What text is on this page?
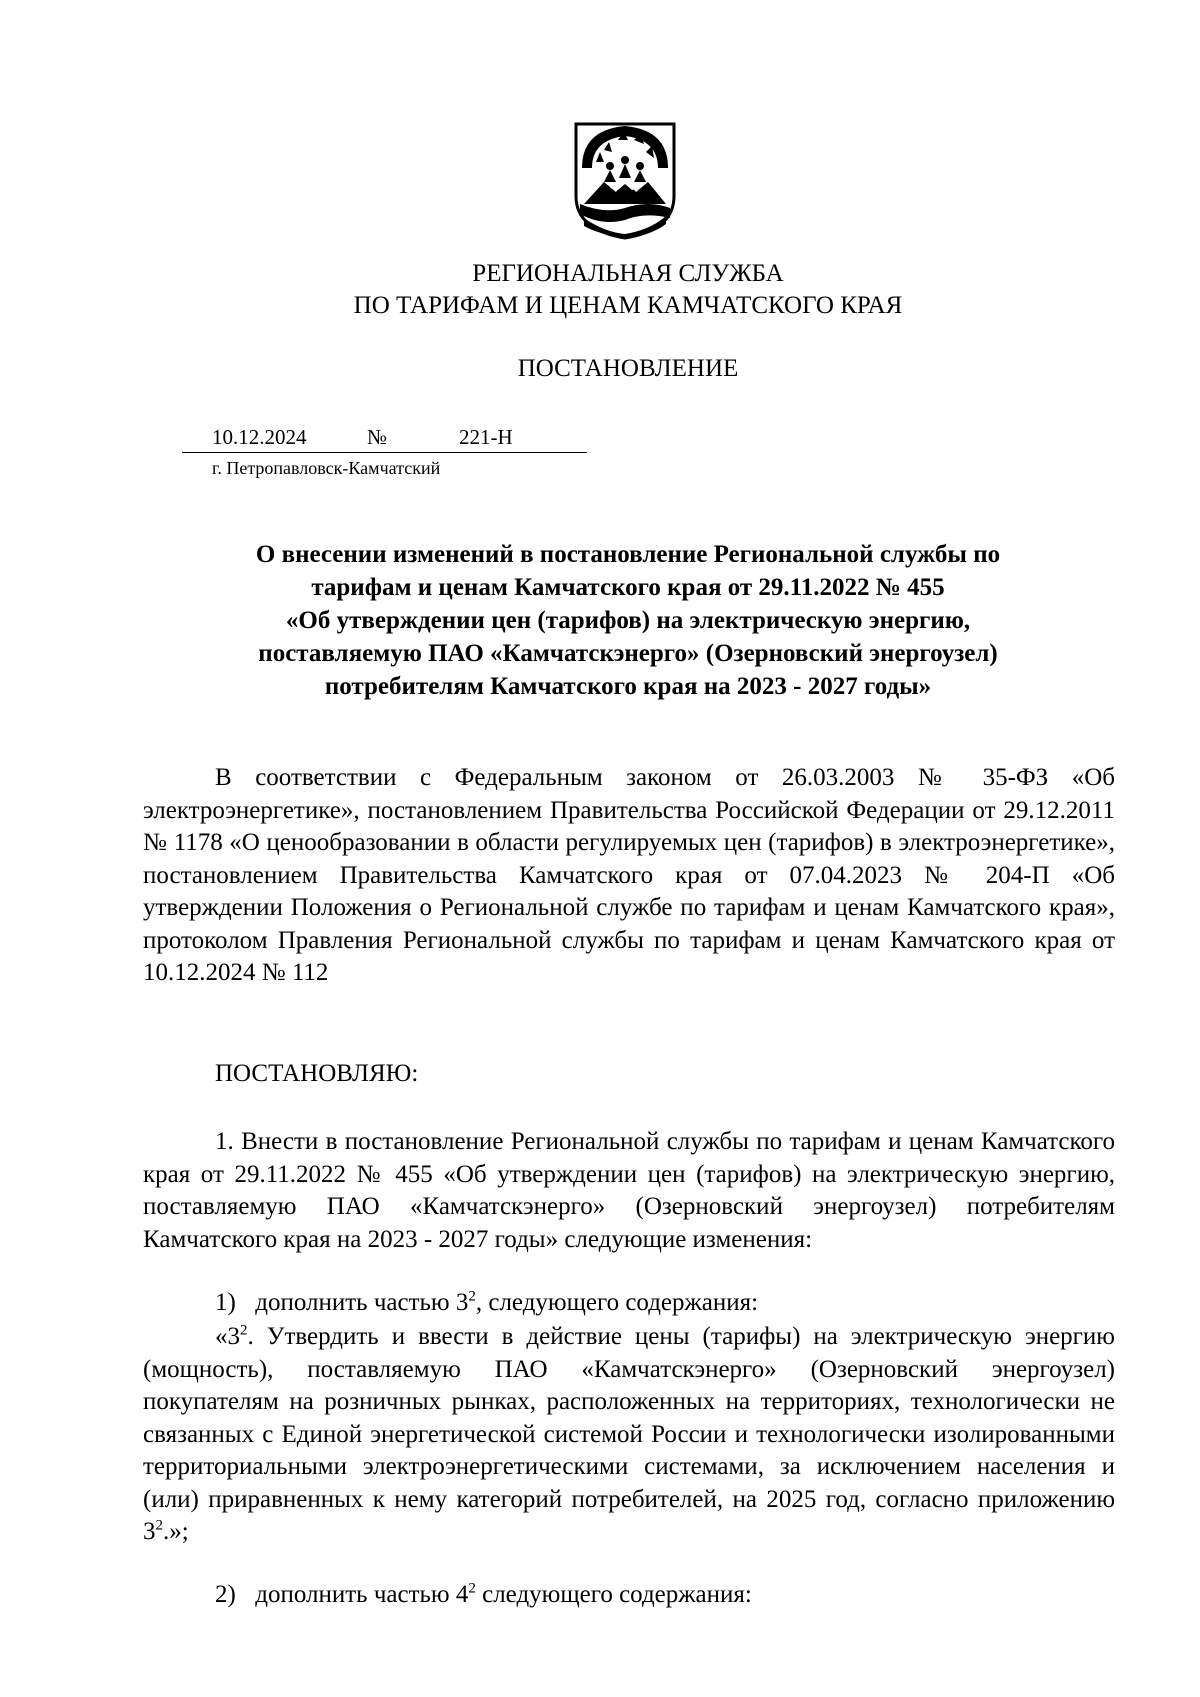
РЕГИОНАЛЬНАЯ СЛУЖБА
ПО ТАРИФАМ И ЦЕНАМ КАМЧАТСКОГО КРАЯ
ПОСТАНОВЛЕНИЕ
10.12.2024	№	221-Н
г. Петропавловск-Камчатский
О внесении изменений в постановление Региональной службы по
тарифам и ценам Камчатского края от 29.11.2022 № 455
«Об утверждении цен (тарифов) на электрическую энергию,
поставляемую ПАО «Камчатскэнерго» (Озерновский энергоузел)
потребителям Камчатского края на 2023 - 2027 годы»

В соответствии с Федеральным законом от 26.03.2003 № 35-ФЗ «Об электроэнергетике», постановлением Правительства Российской Федерации от 29.12.2011 № 1178 «О ценообразовании в области регулируемых цен (тарифов) в электроэнергетике», постановлением Правительства Камчатского края от 07.04.2023 № 204-П «Об утверждении Положения о Региональной службе по тарифам и ценам Камчатского края», протоколом Правления Региональной службы по тарифам и ценам Камчатского края от 10.12.2024 № 112

ПОСТАНОВЛЯЮ:

1. Внести в постановление Региональной службы по тарифам и ценам Камчатского края от 29.11.2022 № 455 «Об утверждении цен (тарифов) на электрическую энергию, поставляемую ПАО «Камчатскэнерго» (Озерновский энергоузел) потребителям Камчатского края на 2023 - 2027 годы» следующие изменения:

1) дополнить частью $3^2$, следующего содержания:

«$3^2$. Утвердить и ввести в действие цены (тарифы) на электрическую энергию (мощность), поставляемую ПАО «Камчатскэнерго» (Озерновский энергоузел) покупателям на розничных рынках, расположенных на территориях, технологически не связанных с Единой энергетической системой России и технологически изолированными территориальными электроэнергетическими системами, за исключением населения и (или) приравненных к нему категорий потребителей, на 2025 год, согласно приложению $3^2$.»;

2) дополнить частью $4^2$ следующего содержания:
